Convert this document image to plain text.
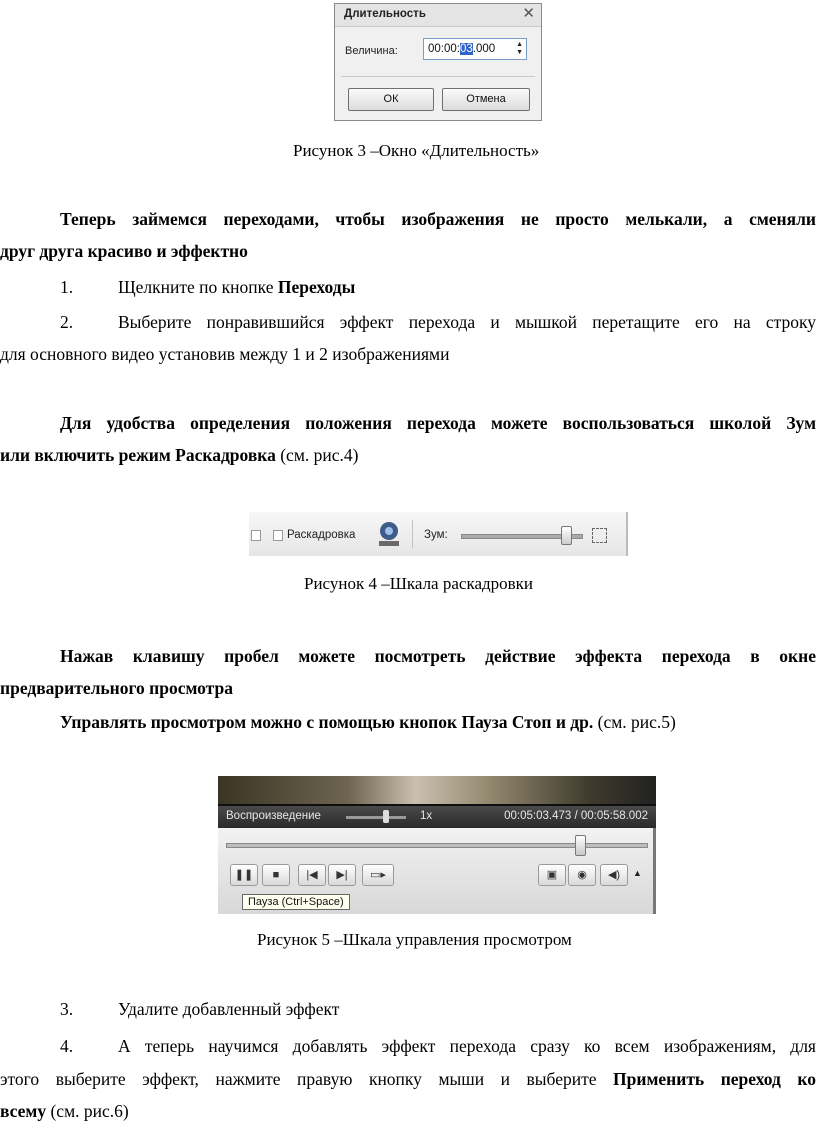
Длительность	✕
Величина:	00:00:03.000	▲
▼
ОК	Отмена
Рисунок 3 –Окно «Длительность»
Теперь займемся переходами, чтобы изображения не просто мелькали, а сменяли
друг друга красиво и эффектно
1.	Щелкните по кнопке Переходы
2.	Выберите понравившийся эффект перехода и мышкой перетащите его на строку
для основного видео установив между 1 и 2 изображениями
Для удобства определения положения перехода можете воспользоваться школой Зум
или включить режим Раскадровка (см. рис.4)
Раскадровка	Зум:
Рисунок 4 –Шкала раскадровки
Нажав клавишу пробел можете посмотреть действие эффекта перехода в окне
предварительного просмотра
Управлять просмотром можно с помощью кнопок Пауза Стоп и др. (см. рис.5)
Воспроизведение	1x	00:05:03.473 / 00:05:58.002
❚❚	■	|◀	▶|	▭▸	▣	◉	◀)	▲
Пауза (Ctrl+Space)
Рисунок 5 –Шкала управления просмотром
3.	Удалите добавленный эффект
4.	А теперь научимся добавлять эффект перехода сразу ко всем изображениям, для
этого выберите эффект, нажмите правую кнопку мыши и выберите Применить переход ко
всему (см. рис.6)
